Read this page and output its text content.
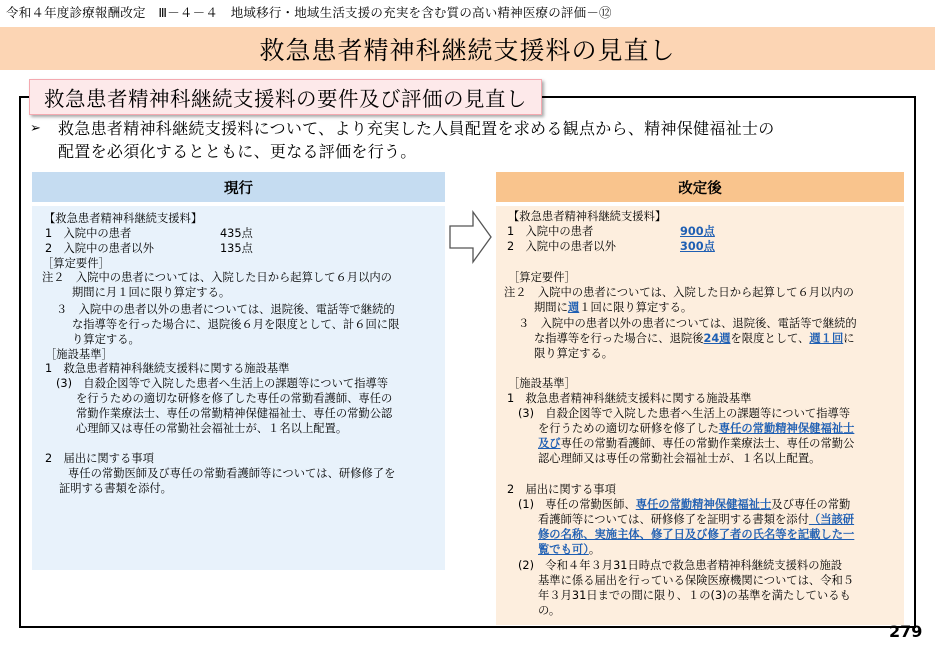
令和４年度診療報酬改定　Ⅲ－４－４　地域移行・地域生活支援の充実を含む質の高い精神医療の評価－⑫
救急患者精神科継続支援料の見直し
救急患者精神科継続支援料の要件及び評価の見直し
➢	救急患者精神科継続支援料について、より充実した人員配置を求める観点から、精神保健福祉士の
配置を必須化するとともに、更なる評価を行う。
現行
【救急患者精神科継続支援料】
1　入院中の患者	435点
2　入院中の患者以外	135点
［算定要件］
注２　入院中の患者については、入院した日から起算して６月以内の
期間に月１回に限り算定する。
３　入院中の患者以外の患者については、退院後、電話等で継続的
な指導等を行った場合に、退院後６月を限度として、計６回に限
り算定する。
［施設基準］
1　救急患者精神科継続支援料に関する施設基準
(3)　自殺企図等で入院した患者へ生活上の課題等について指導等
を行うための適切な研修を修了した専任の常勤看護師、専任の
常勤作業療法士、専任の常勤精神保健福祉士、専任の常勤公認
心理師又は専任の常勤社会福祉士が、１名以上配置。
2　届出に関する事項
専任の常勤医師及び専任の常勤看護師等については、研修修了を
証明する書類を添付。
改定後
【救急患者精神科継続支援料】
1　入院中の患者	900点
2　入院中の患者以外	300点
［算定要件］
注２　入院中の患者については、入院した日から起算して６月以内の
期間に週１回に限り算定する。
３　入院中の患者以外の患者については、退院後、電話等で継続的
な指導等を行った場合に、退院後24週を限度として、週１回に
限り算定する。
［施設基準］
1　救急患者精神科継続支援料に関する施設基準
(3)　自殺企図等で入院した患者へ生活上の課題等について指導等
を行うための適切な研修を修了した専任の常勤精神保健福祉士
及び専任の常勤看護師、専任の常勤作業療法士、専任の常勤公
認心理師又は専任の常勤社会福祉士が、１名以上配置。
2　届出に関する事項
(1)　専任の常勤医師、専任の常勤精神保健福祉士及び専任の常勤
看護師等については、研修修了を証明する書類を添付（当該研
修の名称、実施主体、修了日及び修了者の氏名等を記載した一
覧でも可）。
(2)　令和４年３月31日時点で救急患者精神科継続支援料の施設
基準に係る届出を行っている保険医療機関については、令和５
年３月31日までの間に限り、１の(3)の基準を満たしているも
の。
279
